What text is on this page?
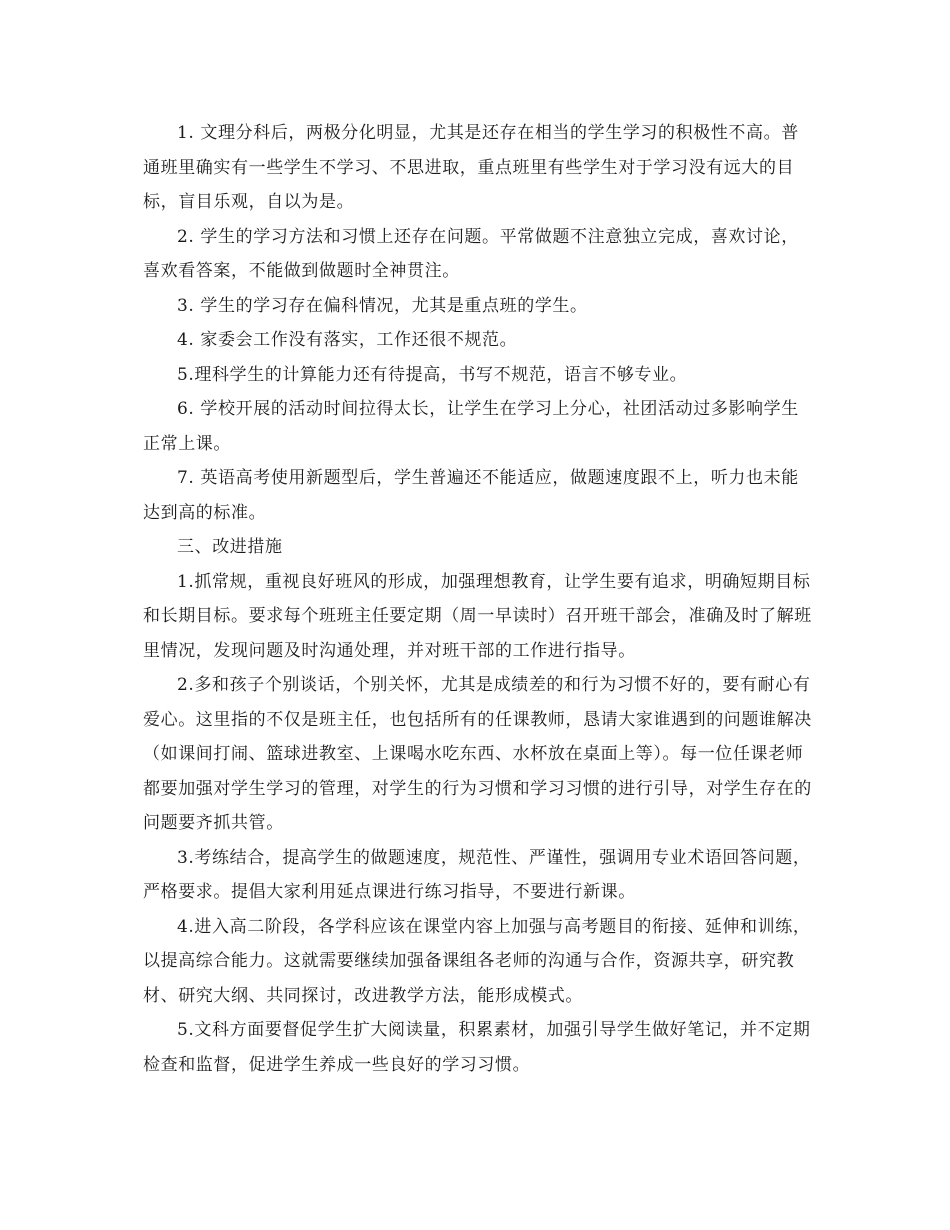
1. 文理分科后，两极分化明显，尤其是还存在相当的学生学习的积极性不高。普通班里确实有一些学生不学习、不思进取，重点班里有些学生对于学习没有远大的目标，盲目乐观，自以为是。

2. 学生的学习方法和习惯上还存在问题。平常做题不注意独立完成，喜欢讨论，喜欢看答案，不能做到做题时全神贯注。

3. 学生的学习存在偏科情况，尤其是重点班的学生。

4. 家委会工作没有落实，工作还很不规范。

5.理科学生的计算能力还有待提高，书写不规范，语言不够专业。

6. 学校开展的活动时间拉得太长，让学生在学习上分心，社团活动过多影响学生正常上课。

7. 英语高考使用新题型后，学生普遍还不能适应，做题速度跟不上，听力也未能达到高的标准。

三、改进措施

1.抓常规，重视良好班风的形成，加强理想教育，让学生要有追求，明确短期目标和长期目标。要求每个班班主任要定期（周一早读时）召开班干部会，准确及时了解班里情况，发现问题及时沟通处理，并对班干部的工作进行指导。

2.多和孩子个别谈话，个别关怀，尤其是成绩差的和行为习惯不好的，要有耐心有爱心。这里指的不仅是班主任，也包括所有的任课教师，恳请大家谁遇到的问题谁解决（如课间打闹、篮球进教室、上课喝水吃东西、水杯放在桌面上等）。每一位任课老师都要加强对学生学习的管理，对学生的行为习惯和学习习惯的进行引导，对学生存在的问题要齐抓共管。

3.考练结合，提高学生的做题速度，规范性、严谨性，强调用专业术语回答问题，严格要求。提倡大家利用延点课进行练习指导，不要进行新课。

4.进入高二阶段，各学科应该在课堂内容上加强与高考题目的衔接、延伸和训练，以提高综合能力。这就需要继续加强备课组各老师的沟通与合作，资源共享，研究教材、研究大纲、共同探讨，改进教学方法，能形成模式。

5.文科方面要督促学生扩大阅读量，积累素材，加强引导学生做好笔记，并不定期检查和监督，促进学生养成一些良好的学习习惯。
